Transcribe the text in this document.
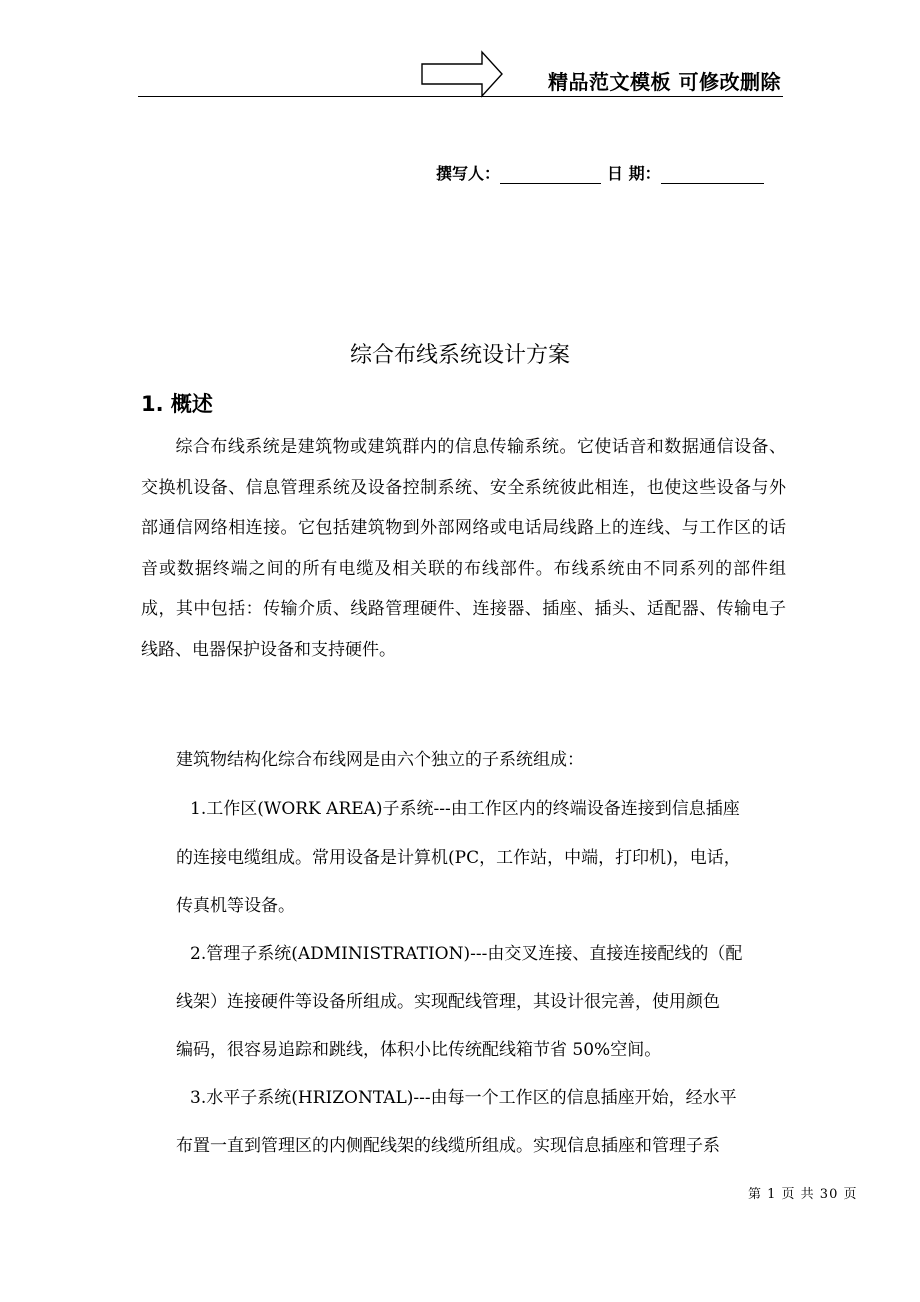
精品范文模板 可修改删除
撰写人：	日 期：
综合布线系统设计方案
1. 概述

综合布线系统是建筑物或建筑群内的信息传输系统。它使话音和数据通信设备、交换机设备、信息管理系统及设备控制系统、安全系统彼此相连，也使这些设备与外部通信网络相连接。它包括建筑物到外部网络或电话局线路上的连线、与工作区的话音或数据终端之间的所有电缆及相关联的布线部件。布线系统由不同系列的部件组成，其中包括：传输介质、线路管理硬件、连接器、插座、插头、适配器、传输电子线路、电器保护设备和支持硬件。

建筑物结构化综合布线网是由六个独立的子系统组成：
1.工作区(WORK AREA)子系统---由工作区内的终端设备连接到信息插座
的连接电缆组成。常用设备是计算机(PC，工作站，中端，打印机)，电话，
传真机等设备。
2.管理子系统(ADMINISTRATION)---由交叉连接、直接连接配线的（配
线架）连接硬件等设备所组成。实现配线管理，其设计很完善，使用颜色
编码，很容易追踪和跳线，体积小比传统配线箱节省 50%空间。
3.水平子系统(HRIZONTAL)---由每一个工作区的信息插座开始，经水平
布置一直到管理区的内侧配线架的线缆所组成。实现信息插座和管理子系
第 1 页 共 30 页
